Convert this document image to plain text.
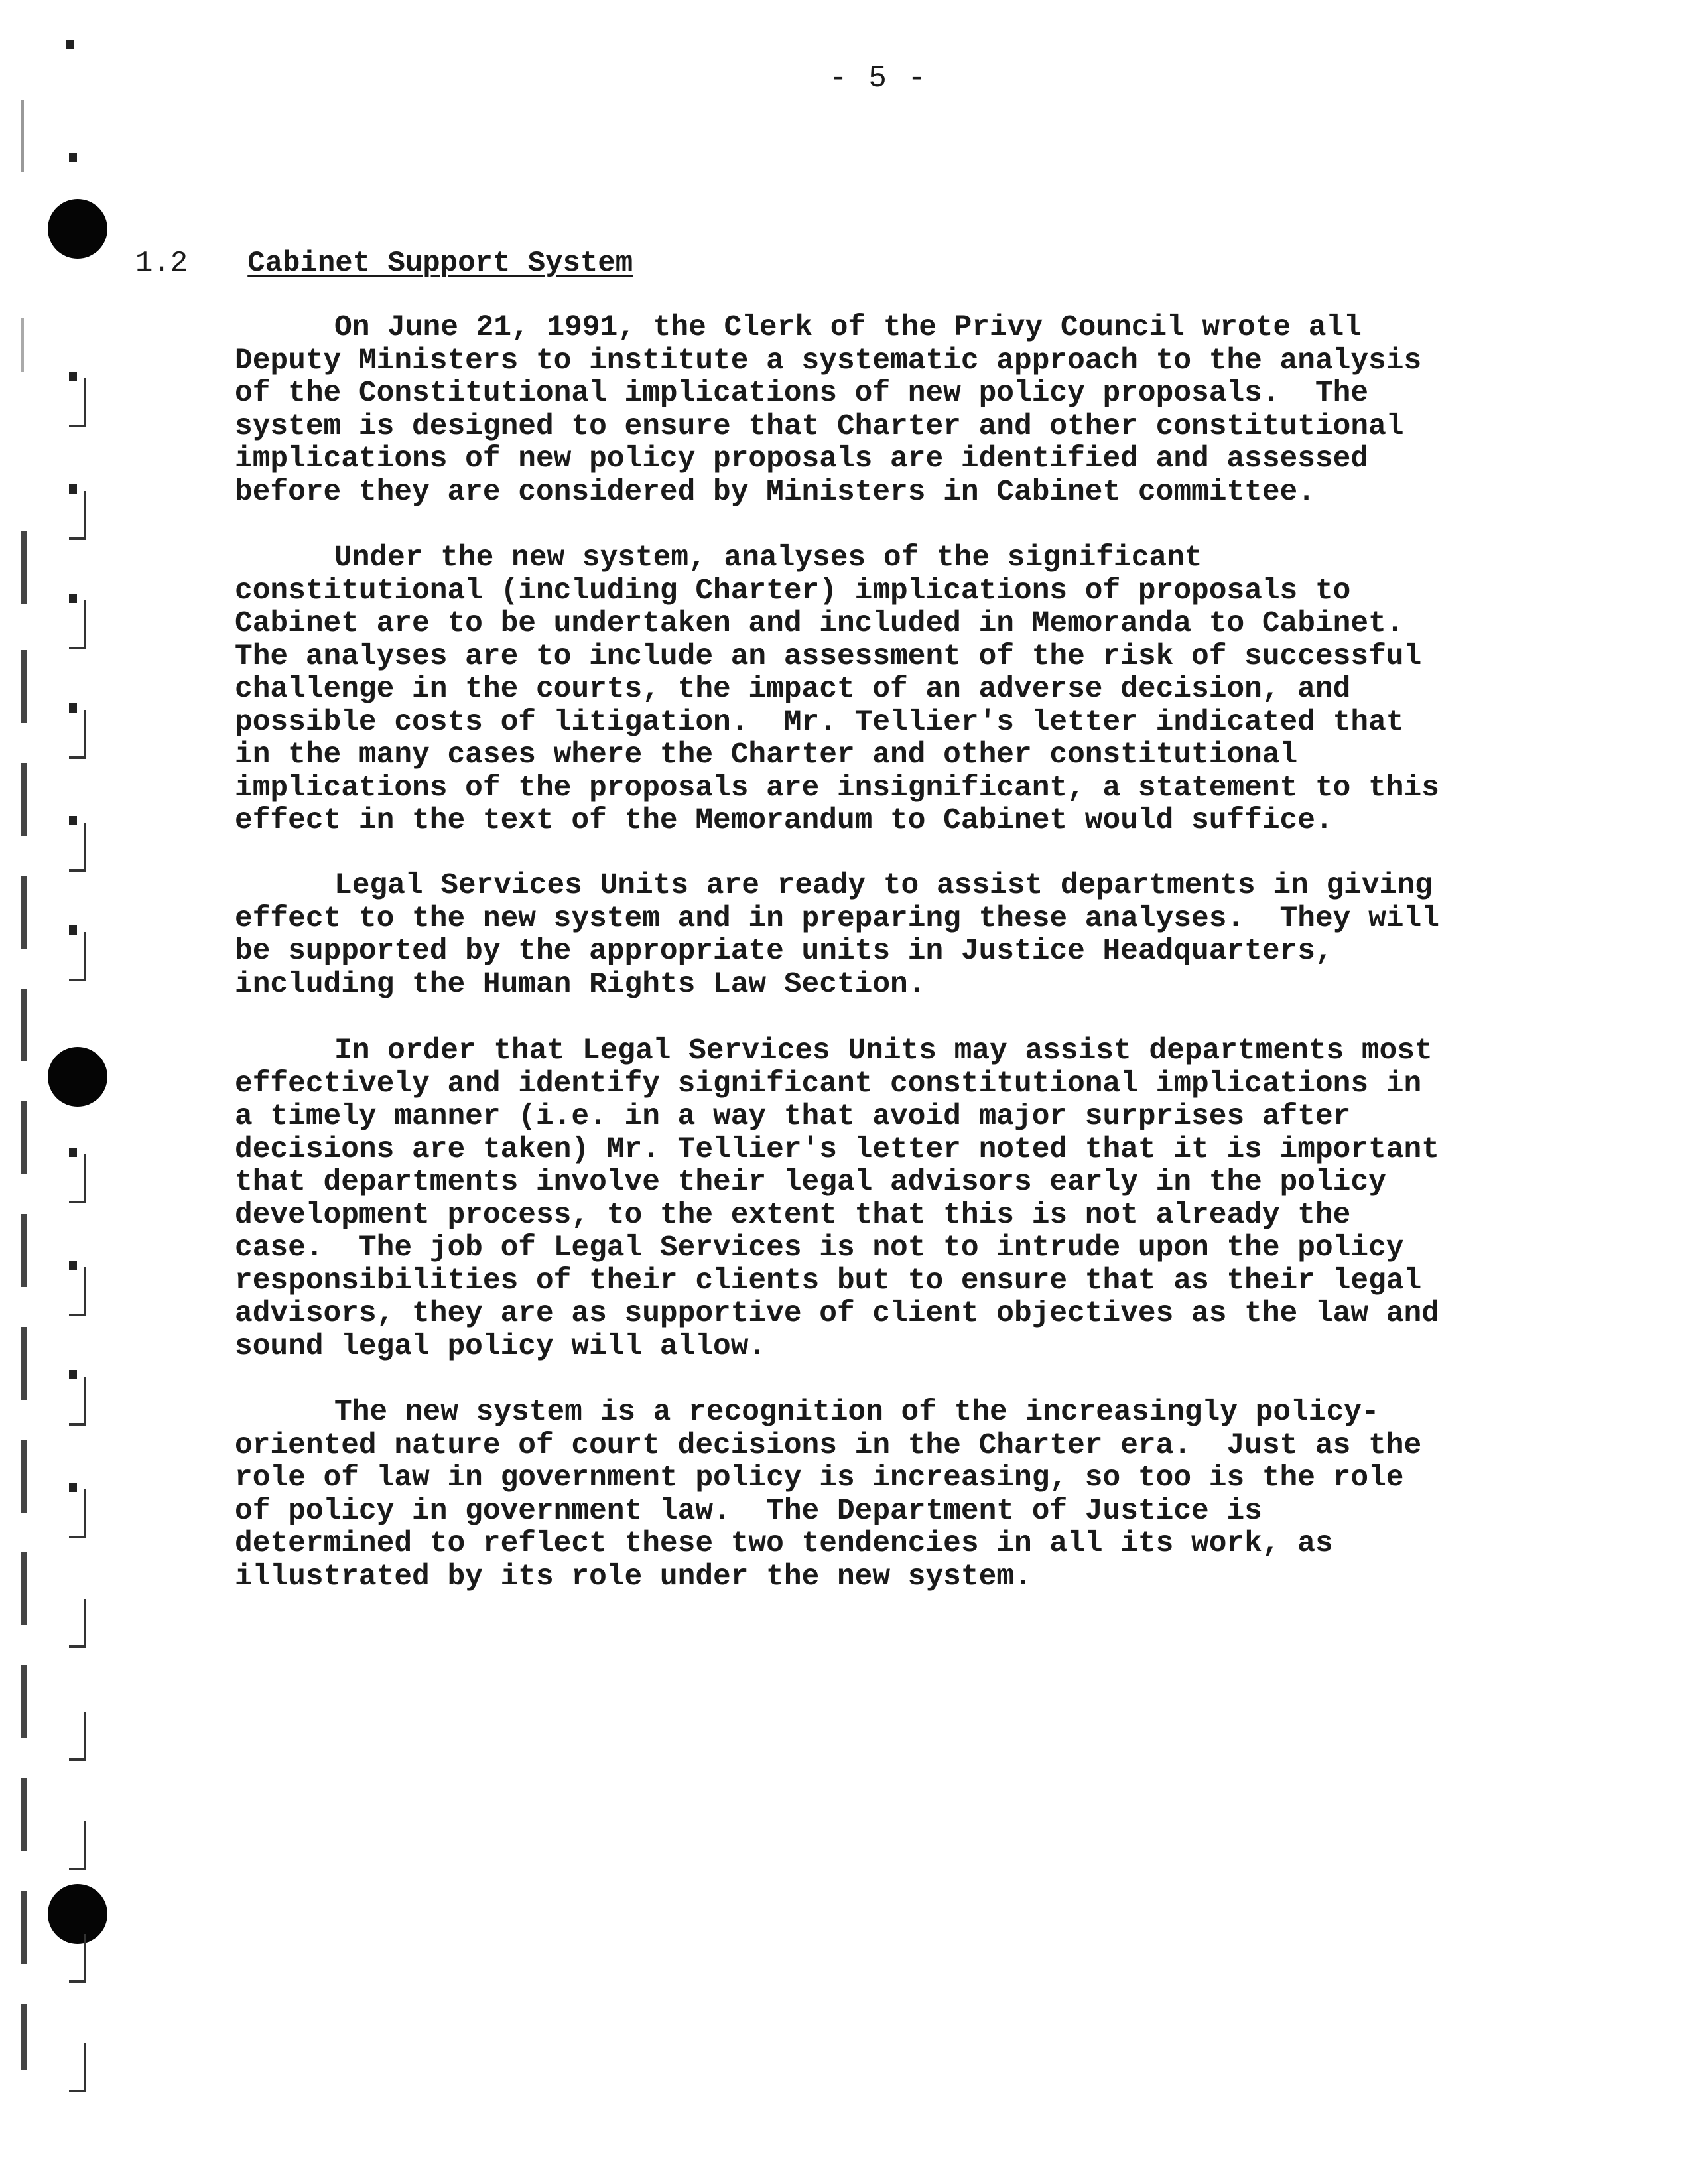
- 5 -
1.2 Cabinet Support System
On June 21, 1991, the Clerk of the Privy Council wrote all
Deputy Ministers to institute a systematic approach to the analysis
of the Constitutional implications of new policy proposals.  The
system is designed to ensure that Charter and other constitutional
implications of new policy proposals are identified and assessed
before they are considered by Ministers in Cabinet committee.
Under the new system, analyses of the significant
constitutional (including Charter) implications of proposals to
Cabinet are to be undertaken and included in Memoranda to Cabinet.
The analyses are to include an assessment of the risk of successful
challenge in the courts, the impact of an adverse decision, and
possible costs of litigation.  Mr. Tellier's letter indicated that
in the many cases where the Charter and other constitutional
implications of the proposals are insignificant, a statement to this
effect in the text of the Memorandum to Cabinet would suffice.
Legal Services Units are ready to assist departments in giving
effect to the new system and in preparing these analyses.  They will
be supported by the appropriate units in Justice Headquarters,
including the Human Rights Law Section.
In order that Legal Services Units may assist departments most
effectively and identify significant constitutional implications in
a timely manner (i.e. in a way that avoid major surprises after
decisions are taken) Mr. Tellier's letter noted that it is important
that departments involve their legal advisors early in the policy
development process, to the extent that this is not already the
case.  The job of Legal Services is not to intrude upon the policy
responsibilities of their clients but to ensure that as their legal
advisors, they are as supportive of client objectives as the law and
sound legal policy will allow.
The new system is a recognition of the increasingly policy-
oriented nature of court decisions in the Charter era.  Just as the
role of law in government policy is increasing, so too is the role
of policy in government law.  The Department of Justice is
determined to reflect these two tendencies in all its work, as
illustrated by its role under the new system.
